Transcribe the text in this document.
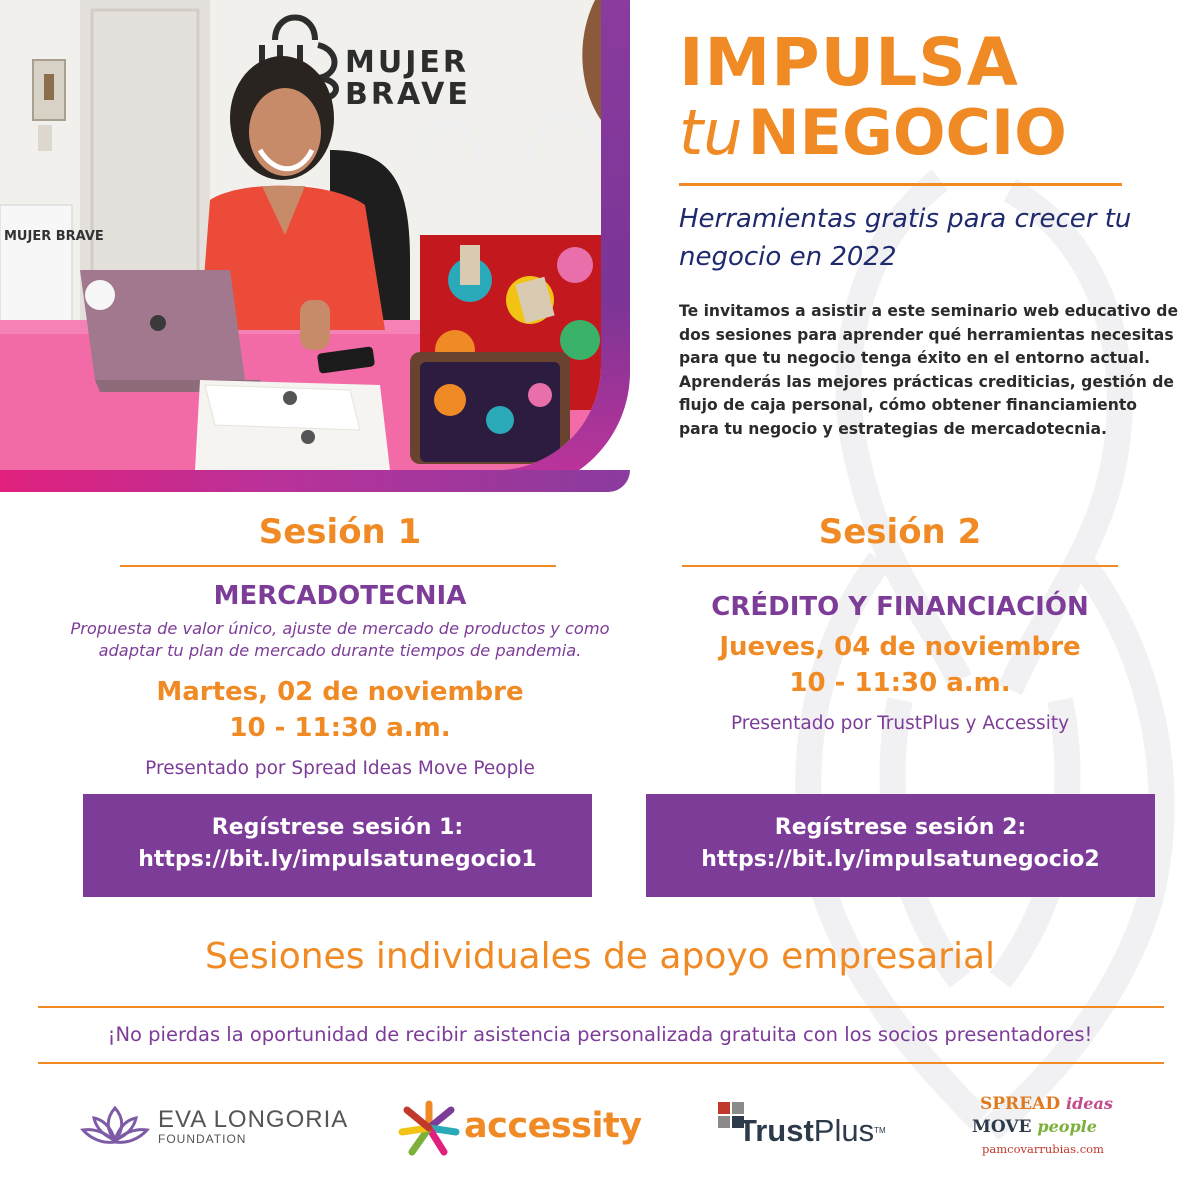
MUJER
BRAVE
MUJER BRAVE
IMPULSA
tu NEGOCIO
Herramientas gratis para crecer tu negocio en 2022
Te invitamos a asistir a este seminario web educativo de dos sesiones para aprender qué herramientas necesitas para que tu negocio tenga éxito en el entorno actual. Aprenderás las mejores prácticas crediticias, gestión de flujo de caja personal, cómo obtener financiamiento para tu negocio y estrategias de mercadotecnia.
Sesión 1
MERCADOTECNIA
Propuesta de valor único, ajuste de mercado de productos y como adaptar tu plan de mercado durante tiempos de pandemia.
Martes, 02 de noviembre
10 - 11:30 a.m.
Presentado por Spread Ideas Move People
Sesión 2
CRÉDITO Y FINANCIACIÓN
Jueves, 04 de noviembre
10 - 11:30 a.m.
Presentado por TrustPlus y Accessity
Regístrese sesión 1:
https://bit.ly/impulsatunegocio1
Regístrese sesión 2:
https://bit.ly/impulsatunegocio2
Sesiones individuales de apoyo empresarial
¡No pierdas la oportunidad de recibir asistencia personalizada gratuita con los socios presentadores!
EVA LONGORIA
FOUNDATION	accessity	TrustPlus™
SPREAD ideas
MOVE people
pamcovarrubias.com
